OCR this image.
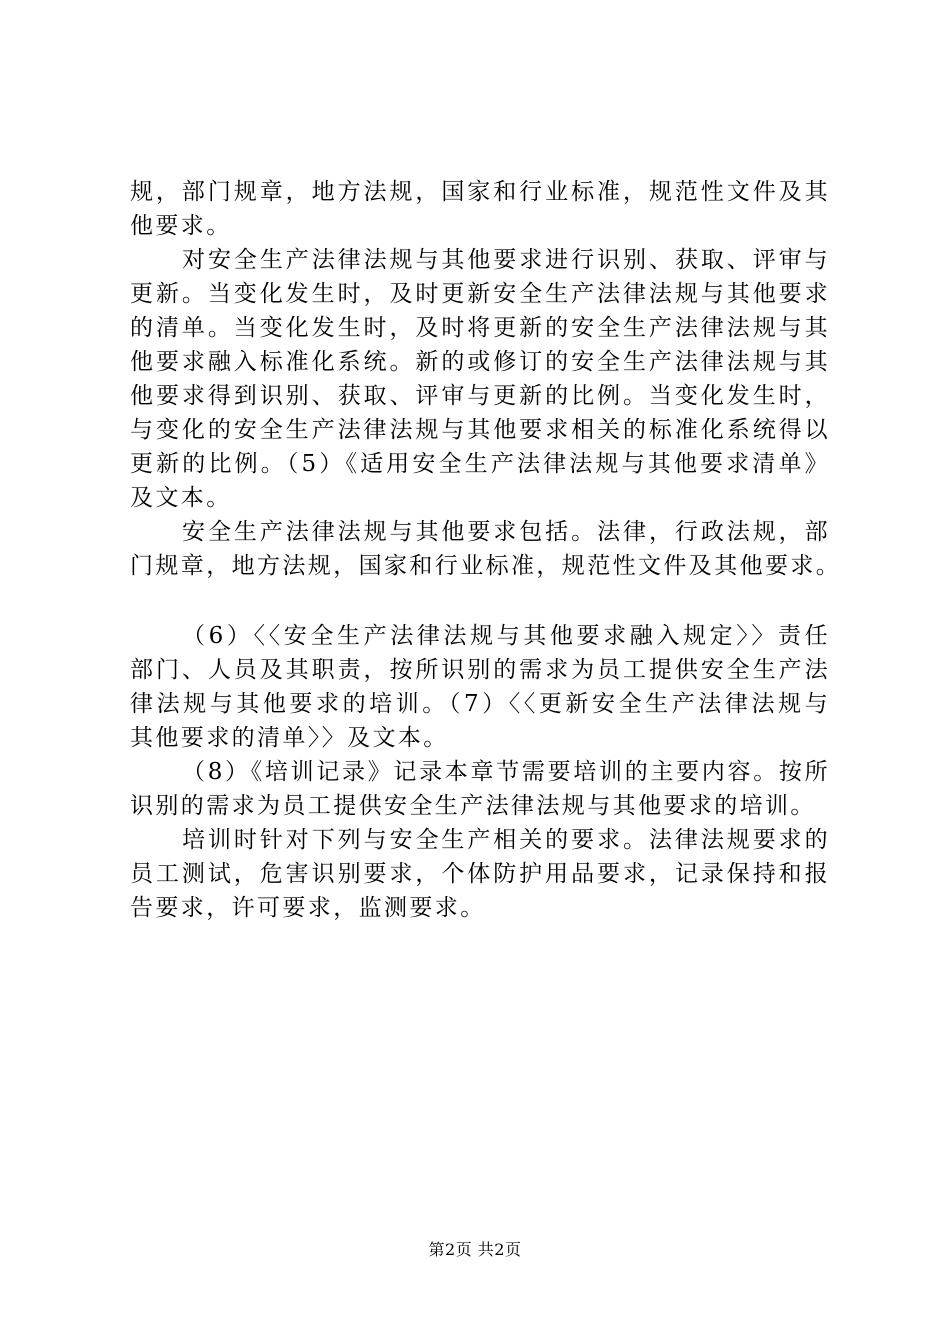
规，部门规章，地方法规，国家和行业标准，规范性文件及其
他要求。
对安全生产法律法规与其他要求进行识别、获取、评审与
更新。当变化发生时，及时更新安全生产法律法规与其他要求
的清单。当变化发生时，及时将更新的安全生产法律法规与其
他要求融入标准化系统。新的或修订的安全生产法律法规与其
他要求得到识别、获取、评审与更新的比例。当变化发生时，
与变化的安全生产法律法规与其他要求相关的标准化系统得以
更新的比例。（5）《适用安全生产法律法规与其他要求清单》
及文本。
安全生产法律法规与其他要求包括。法律，行政法规，部
门规章，地方法规，国家和行业标准，规范性文件及其他要求。
（6）〈〈安全生产法律法规与其他要求融入规定〉〉责任
部门、人员及其职责，按所识别的需求为员工提供安全生产法
律法规与其他要求的培训。（7）〈〈更新安全生产法律法规与
其他要求的清单〉〉及文本。
（8）《培训记录》记录本章节需要培训的主要内容。按所
识别的需求为员工提供安全生产法律法规与其他要求的培训。
培训时针对下列与安全生产相关的要求。法律法规要求的
员工测试，危害识别要求，个体防护用品要求，记录保持和报
告要求，许可要求，监测要求。
第2页 共2页
